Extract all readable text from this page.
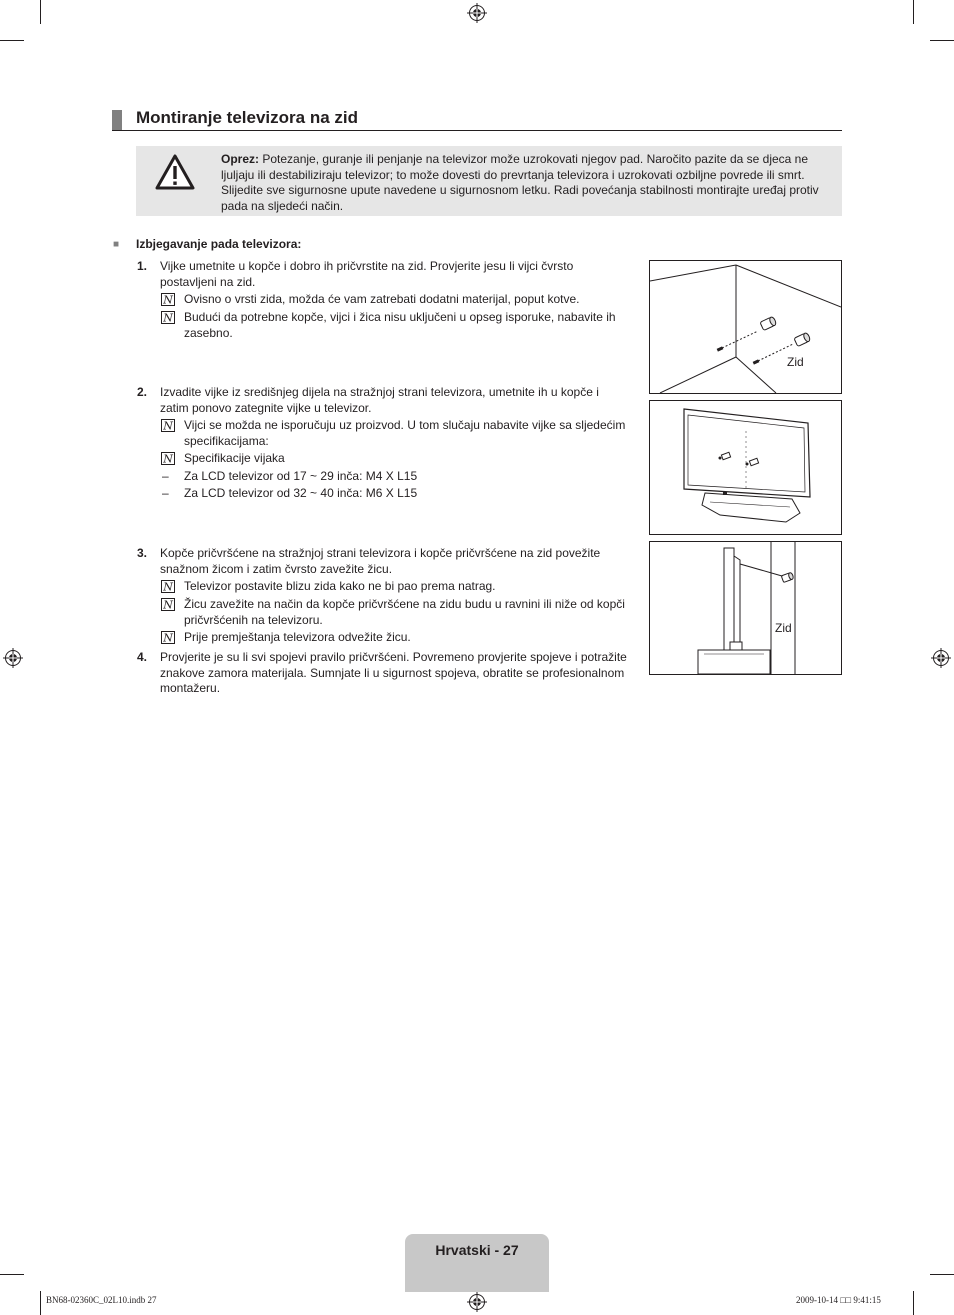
Montiranje televizora na zid
Oprez: Potezanje, guranje ili penjanje na televizor može uzrokovati njegov pad. Naročito pazite da se djeca ne ljuljaju ili destabiliziraju televizor; to može dovesti do prevrtanja televizora i uzrokovati ozbiljne povrede ili smrt. Slijedite sve sigurnosne upute navedene u sigurnosnom letku. Radi povećanja stabilnosti montirajte uređaj protiv pada na sljedeći način.
■ Izbjegavanje pada televizora:
1. Vijke umetnite u kopče i dobro ih pričvrstite na zid. Provjerite jesu li vijci čvrsto
postavljeni na zid.
N Ovisno o vrsti zida, možda će vam zatrebati dodatni materijal, poput kotve.
N Budući da potrebne kopče, vijci i žica nisu uključeni u opseg isporuke, nabavite ih
zasebno.
2. Izvadite vijke iz središnjeg dijela na stražnjoj strani televizora, umetnite ih u kopče i
zatim ponovo zategnite vijke u televizor.
N Vijci se možda ne isporučuju uz proizvod. U tom slučaju nabavite vijke sa sljedećim
specifikacijama:
N Specifikacije vijaka
– Za LCD televizor od 17 ~ 29 inča: M4 X L15
– Za LCD televizor od 32 ~ 40 inča: M6 X L15
3. Kopče pričvršćene na stražnjoj strani televizora i kopče pričvršćene na zid povežite
snažnom žicom i zatim čvrsto zavežite žicu.
N Televizor postavite blizu zida kako ne bi pao prema natrag.
N Žicu zavežite na način da kopče pričvršćene na zidu budu u ravnini ili niže od kopči
pričvršćenih na televizoru.
N Prije premještanja televizora odvežite žicu.
4. Provjerite je su li svi spojevi pravilo pričvršćeni. Povremeno provjerite spojeve i potražite
znakove zamora materijala. Sumnjate li u sigurnost spojeva, obratite se profesionalnom
montažeru.
Zid
Zid
Hrvatski - 27
BN68-02360C_02L10.indb 27	2009-10-14 □□ 9:41:15
